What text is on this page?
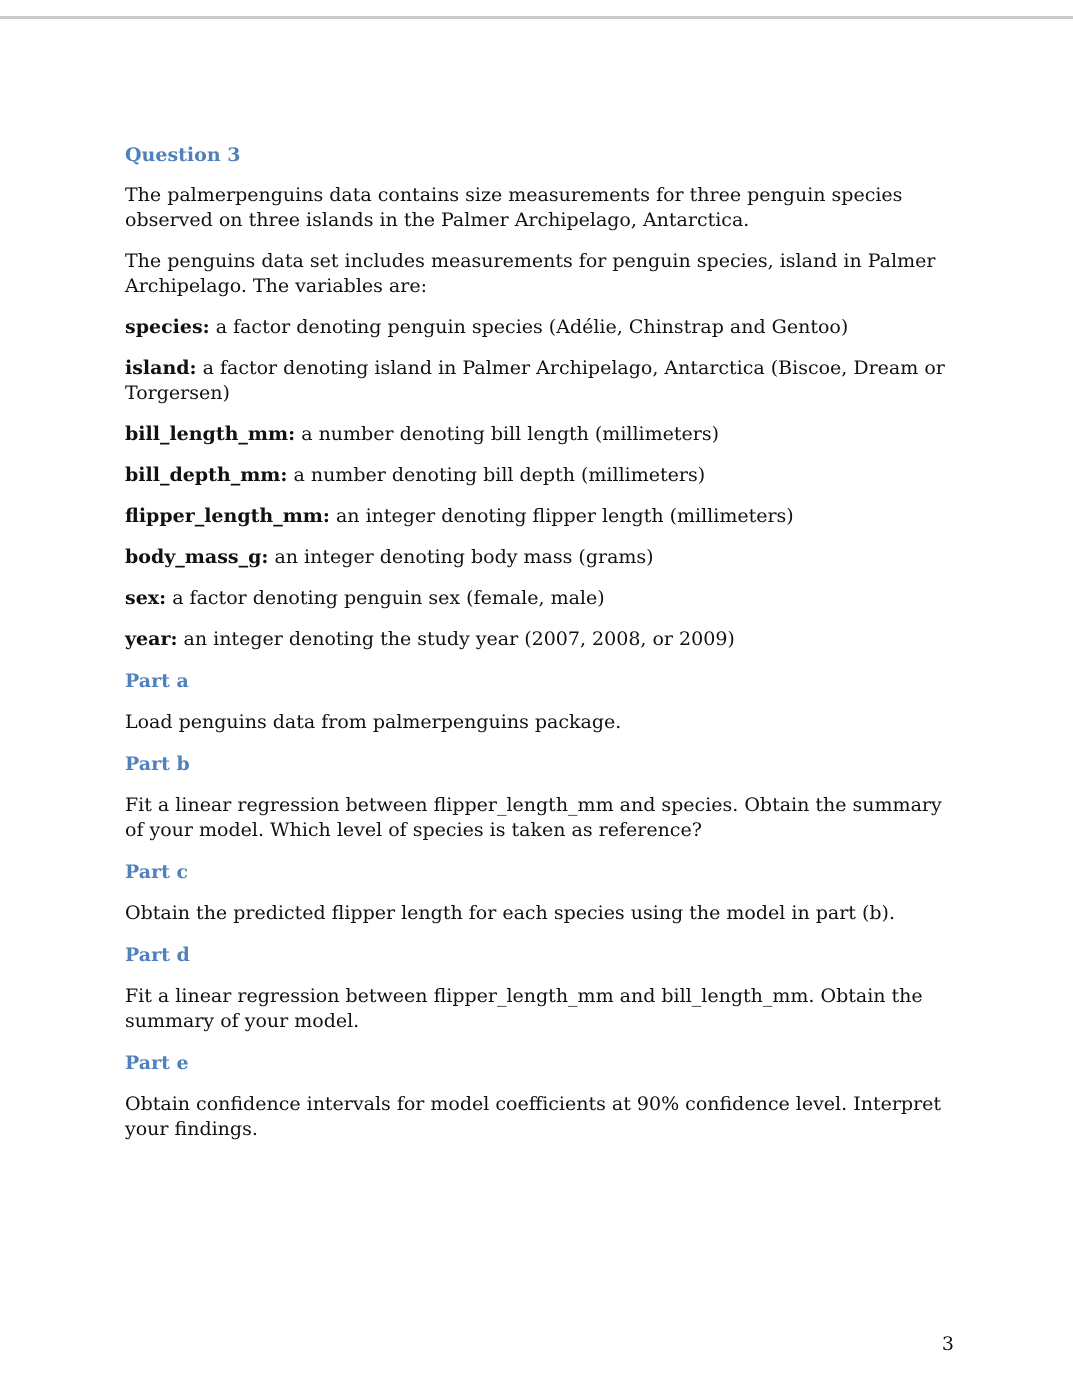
Question 3

The palmerpenguins data contains size measurements for three penguin species observed on three islands in the Palmer Archipelago, Antarctica.

The penguins data set includes measurements for penguin species, island in Palmer Archipelago. The variables are:

species: a factor denoting penguin species (Adélie, Chinstrap and Gentoo)

island: a factor denoting island in Palmer Archipelago, Antarctica (Biscoe, Dream or Torgersen)

bill_length_mm: a number denoting bill length (millimeters)

bill_depth_mm: a number denoting bill depth (millimeters)

flipper_length_mm: an integer denoting flipper length (millimeters)

body_mass_g: an integer denoting body mass (grams)

sex: a factor denoting penguin sex (female, male)

year: an integer denoting the study year (2007, 2008, or 2009)

Part a

Load penguins data from palmerpenguins package.

Part b

Fit a linear regression between flipper_length_mm and species. Obtain the summary of your model. Which level of species is taken as reference?

Part c

Obtain the predicted flipper length for each species using the model in part (b).

Part d

Fit a linear regression between flipper_length_mm and bill_length_mm. Obtain the summary of your model.

Part e

Obtain confidence intervals for model coefficients at 90% confidence level. Interpret your findings.

3
